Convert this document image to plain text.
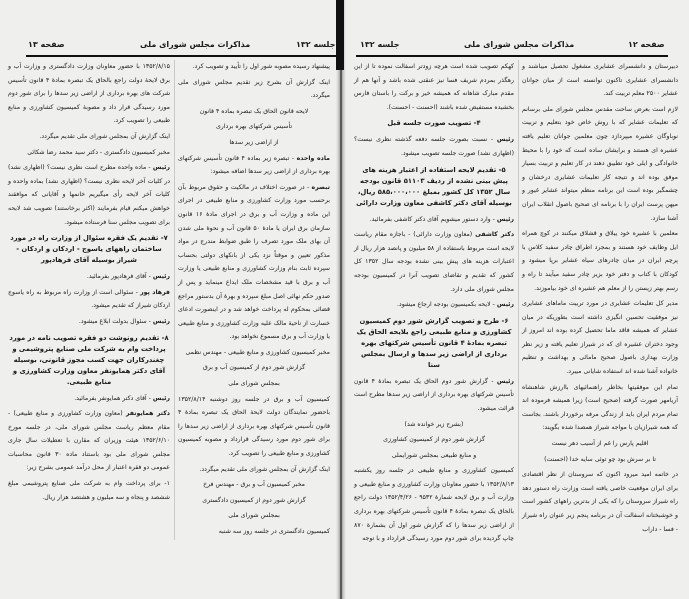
صفحه ۱۳	مذاکرات مجلس شورای ملی	جلسه ۱۳۲

۱۳۵۲/۸/۱۵ با حضور معاونان وزارت دادگستری و وزارت آب و برق لایحهٔ دولت راجع بالحاق یک تبصره بمادهٔ ۴ قانون تأسیس شرکت های بهره برداری از اراضی زیر سدها را برای شور دوم مورد رسیدگی قرار داد و مصوبهٔ کمیسیون کشاورزی و منابع طبیعی را تصویب کرد.

اینک گزارش آن بمجلس شورای ملی تقدیم میگردد.

مخبر کمیسیون دادگستری - دکتر سید محمد رضا شکائی

رئیس - ماده واحده مطرح است نظری نیست؟ (اظهاری نشد) در کلیات آخر لایحه نظری نیست؟ (اظهاری نشد) بماده واحده و کلیات آخر لایحه رأی میگیریم خانمها و آقایانی که موافقند خواهش میکنم قیام بفرمایند (اکثر برخاستند) تصویب شد لایحه برای تصویب مجلس سنا فرستاده میشود.

۷- تقدیم یک فقره سئوال از وزارت راه در مورد ساختمان راههای یاسوج - اردکان و اردکان - شیراز بوسیله آقای فرهادپور

رئیس - آقای فرهادپور بفرمائید.

فرهاد پور - سئوالی است از وزارت راه مربوط به راه یاسوج اردکان شیراز که تقدیم میشود.

رئیس - سئوال بدولت ابلاغ میشود.

۸- تقدیم رونوشت دو فقره تصویب نامه در مورد پرداخت وام به شرکت ملی صنایع پتروشیمی و چغندرکاران جهت کسب مجوز قانونی، بوسیله آقای دکتر همایونفر معاون وزارت کشاورزی و منابع طبیعی.

رئیس - آقای دکتر همایونفر بفرمائید.

دکتر همایونفر (معاون وزارت کشاورزی و منابع طبیعی) - مقام معظم ریاست مجلس شورای ملی، در جلسه مورخ ۱۳۵۲/۶/۱۰ هیئت وزیران که مقارن با تعطیلات سال جاری مجلس شورای ملی بود باستناد ماده ۳۰ قانون محاسبات عمومی دو فقره اعتبار از محل درآمد عمومی بشرح زیر:

۱- برای پرداخت وام به شرکت ملی صنایع پتروشیمی مبلغ ششصد و پنجاه و سه میلیون و هشتصد هزار ریال.

پیشنهاد رسیده مصوبه شور اول را تأیید و تصویب کرد.

اینک گزارش آن بشرح زیر تقدیم مجلس شورای ملی میگردد.

لایحه قانون الحاق یک تبصره بماده ۴ قانون

تأسیس شرکتهای بهره برداری

از اراضی زیر سدها

ماده واحده - تبصره زیر بماده ۴ قانون تأسیس شرکتهای بهره برداری از اراضی زیر سدها اضافه میشود:

تبصره - در صورت اختلاف در مالکیت و حقوق مربوط بآن برحسب مورد وزارت کشاورزی و منابع طبیعی در اجرای این ماده و وزارت آب و برق در اجرای مادهٔ ۱۶ قانون سازمان برق ایران یا مادهٔ ۵۰ قانون آب و نحوهٔ ملی شدن آن بهای ملک مورد تصرف را طبق ضوابط مندرج در مواد مذکور تعیین و موقتاً نزد یکی از بانکهای دولتی بحساب سپرده ثابت بنام وزارت کشاورزی و منابع طبیعی یا وزارت آب و برق با قید مشخصات ملک ایداع مینماید و پس از صدور حکم نهائی اصل مبلغ سپرده و بهرهٔ آن بدستور مراجع قضائی بمحکوم له پرداخت خواهد شد و در اینصورت ادعای خسارت از ناحیهٔ مالک علیه وزارت کشاورزی و منابع طبیعی یا وزارت آب و برق مسموع نخواهد بود.

مخبر کمیسیون کشاورزی و منابع طبیعی - مهندس نظمی

گزارش شور دوم از کمیسیون آب و برق

بمجلس شورای ملی

کمیسیون آب و برق در جلسه روز دوشنبه ۱۳۵۲/۸/۱۴ باحضور نمایندگان دولت لایحهٔ الحاق یک تبصره بمادهٔ ۴ قانون تأسیس شرکتهای بهره برداری از اراضی زیر سدها را برای شور دوم مورد رسیدگی قرارداد و مصوبه کمیسیون کشاورزی و منابع طبیعی را تصویب کرد.

اینک گزارش آن بمجلس شورای ملی تقدیم میگردد.

مخبر کمیسیون آب و برق - مهندس فرخ

گزارش شور دوم از کمیسیون دادگستری

بمجلس شورای ملی

کمیسیون دادگستری در جلسه روز سه شنبه

جلسه ۱۳۲	مذاکرات مجلس شورای ملی	صفحه ۱۲

کهکم تصویب شده است هرچه زودتر اسفالت نموده تا از این رهگذر بمردم شریف فسا نیز عنقتی شده باشد و آنها هم از مقدم مبارک شاهانه که همیشه خیر و برکت را باستان فارس بخشیده مستفیض شده باشند (احسنت - احسنت).

۴- تصویب صورت جلسه قبل

رئیس - نسبت بصورت جلسه دفعه گذشته نظری نیست؟ (اظهاری نشد) صورت جلسه تصویب میشود.

۵- تقدیم لایحه استفاده از اعتبار هزینه های پیش بینی نشده از ردیف ۵۱۱۰۳ قانون بودجه سال ۱۳۵۲ کل کشور بمبلغ ۵۸۵،۰۰۰،۰۰۰ ریال، بوسیله آقای دکتر کاشفی معاون وزارت دارائی

رئیس - وارد دستور میشویم آقای دکتر کاشفی بفرمائید.

دکتر کاشفی (معاون وزارت دارائی) - باجازه مقام ریاست لایحه است مربوط باستفاده از ۵۸ میلیون و پانصد هزار ریال از اعتبارات هزینه های پیش بینی نشده بودجه سال ۱۳۵۲ کل کشور که تقدیم و تقاضای تصویب آنرا در کمیسیون بودجه مجلس شورای ملی دارد.

رئیس - لایحه بکمیسیون بودجه ارجاع میشود.

۶- طرح و تصویب گزارش شور دوم کمیسیون کشاورزی و منابع طبیعی راجع بلایحه الحاق یک تبصره بمادهٔ ۴ قانون تأسیس شرکتهای بهره برداری از اراضی زیر سدها و ارسال بمجلس سنا

رئیس - گزارش شور دوم الحاق یک تبصره بمادهٔ ۴ قانون تأسیس شرکتهای بهره برداری از اراضی زیر سدها مطرح است قرائت میشود.

(بشرح زیر خوانده شد)

گزارش شور دوم از کمیسیون کشاورزی

و منابع طبیعی بمجلس شورایملی

کمیسیون کشاورزی و منابع طبیعی در جلسه روز یکشنبه ۱۳۵۲/۸/۱۳ با حضور معاونان وزارت کشاورزی و منابع طبیعی و وزارت آب و برق لایحه شمارهٔ ۹۵۳۲ - ۱۳۵۲/۴/۲۶ دولت راجع بالحاق یک تبصره بمادهٔ ۴ قانون تأسیس شرکتهای بهره برداری از اراضی زیر سدها را که گزارش شور اول آن بشمارهٔ ۸۷۰ چاپ گردیده برای شور دوم مورد رسیدگی قرارداد و با توجه

دبیرستان و دانشسرای عشایری مشغول تحصیل میباشند و دانشسرای عشایری تاکنون توانسته است از میان جوانان عشایر ۲۵۰۰ معلم تربیت کند.

لازم است بعرض ساحت مقدس مجلس شورای ملی برسانم که تعلیمات عشایر که با روش خاص خود بتعلیم و تربیت نوباوگان عشیره میپردازد چون معلمین جوانان تعلیم یافته عشیره ای هستند و برایشان ساده است که خود را با محیط خانوادگی و ایلی خود تطبیق دهند در کار تعلیم و تربیت بسیار موفق بوده اند و نتیجه کار تعلیمات عشایری درخشان و چشمگیر بوده است این برنامه منظم میتواند عشایر غیور و میهن پرست ایران را با برنامه ای صحیح باصول انقلاب ایران آشنا سازد.

معلمین با عشیره خود ییلاق و قشلاق میکنند در کوچ همراه ایل وظایف خود هستند و بمجرد اطراق چادر سفید کلاس با پرچم ایران در میان چادرهای سیاه عشایر برپا میشود و کودکان با کتاب و دفتر خود بزیر چادر سفید میآیند تا راه و رسم بهتر زیستن را از معلم هم عشیره ای خود بیاموزند.

مدیر کل تعلیمات عشایری در مورد تربیت ماماهای عشایری نیز موفقیت تحسین انگیزی داشته است بطوریکه در میان عشایر که همیشه فاقد ماما تحصیل کرده بوده اند امروز از وجود دختران عشیره ای که در شیراز تعلیم یافته و زیر نظر وزارت بهداری باصول صحیح مامائی و بهداشت و تنظیم خانواده آشنا شده اند استفاده شایانی میبرد.

تمام این موفقیتها بخاطر راهنمائیهای باارزش شاهنشاه آریامهر صورت گرفته (صحیح است) زیرا همیشه فرموده اند تمام مردم ایران باید از زندگی مرفه برخوردار باشند. بجاست که همه شیرازیان با مواجه شیراز همصدا شده بگویند:

اقلیم پارس را غم از آسیب دهر نیست

تا بر سرش بود چو توئی سایه خدا (احسنت)

در خاتمه امید میرود اکنون که سروستان از نظر اقتصادی برای ایران موقعیت خاصی یافته است وزارت راه دستور دهد راه شیراز سروستان را که یکی از بدترین راههای کشور است و خوشبختانه اسفالت آن در برنامه پنجم زیر عنوان راه شیراز - فسا - داراب
